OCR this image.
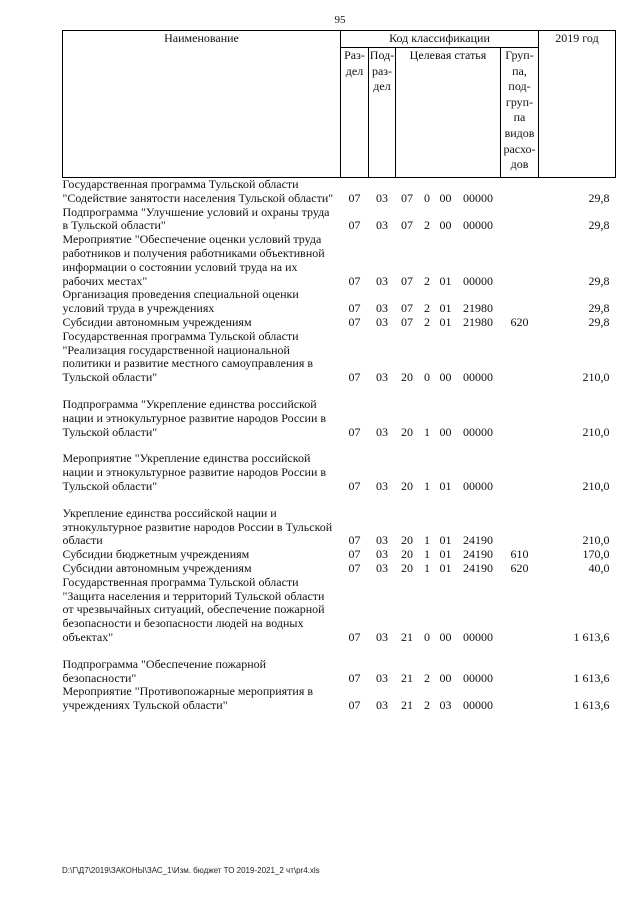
95
Наименование	Код классификации							2019 год
	Раз-дел	Под-раз-дел	Целевая статья				Груп-па, под-груп-па видов расхо-дов	
Государственная программа Тульской области "Содействие занятости населения Тульской области"	07	03	07	0	00	00000		29,8
Подпрограмма "Улучшение условий и охраны труда в Тульской области"	07	03	07	2	00	00000		29,8
Мероприятие "Обеспечение оценки условий труда работников и получения работниками объективной информации о состоянии условий труда на их рабочих местах"	07	03	07	2	01	00000		29,8
Организация проведения специальной оценки условий труда в учреждениях	07	03	07	2	01	21980		29,8
Субсидии автономным учреждениям	07	03	07	2	01	21980	620	29,8
Государственная программа Тульской области "Реализация государственной национальной политики и развитие местного самоуправления в Тульской области"	07	03	20	0	00	00000		210,0

Подпрограмма "Укрепление единства российской нации и этнокультурное развитие народов России в Тульской области"	07	03	20	1	00	00000		210,0

Мероприятие "Укрепление единства российской нации и этнокультурное развитие народов России в Тульской области"	07	03	20	1	01	00000		210,0

Укрепление единства российской нации и этнокультурное развитие народов России в Тульской области	07	03	20	1	01	24190		210,0
Субсидии бюджетным учреждениям	07	03	20	1	01	24190	610	170,0
Субсидии автономным учреждениям	07	03	20	1	01	24190	620	40,0
Государственная программа Тульской области "Защита населения и территорий Тульской области от чрезвычайных ситуаций, обеспечение пожарной безопасности и безопасности людей на водных объектах"	07	03	21	0	00	00000		1 613,6

Подпрограмма "Обеспечение пожарной безопасности"	07	03	21	2	00	00000		1 613,6
Мероприятие "Противопожарные мероприятия в учреждениях Тульской области"	07	03	21	2	03	00000		1 613,6
D:\Г\Д7\2019\ЗАКОНЫ\ЗАС_1\Изм. бюджет ТО 2019-2021_2 чт\pr4.xls
